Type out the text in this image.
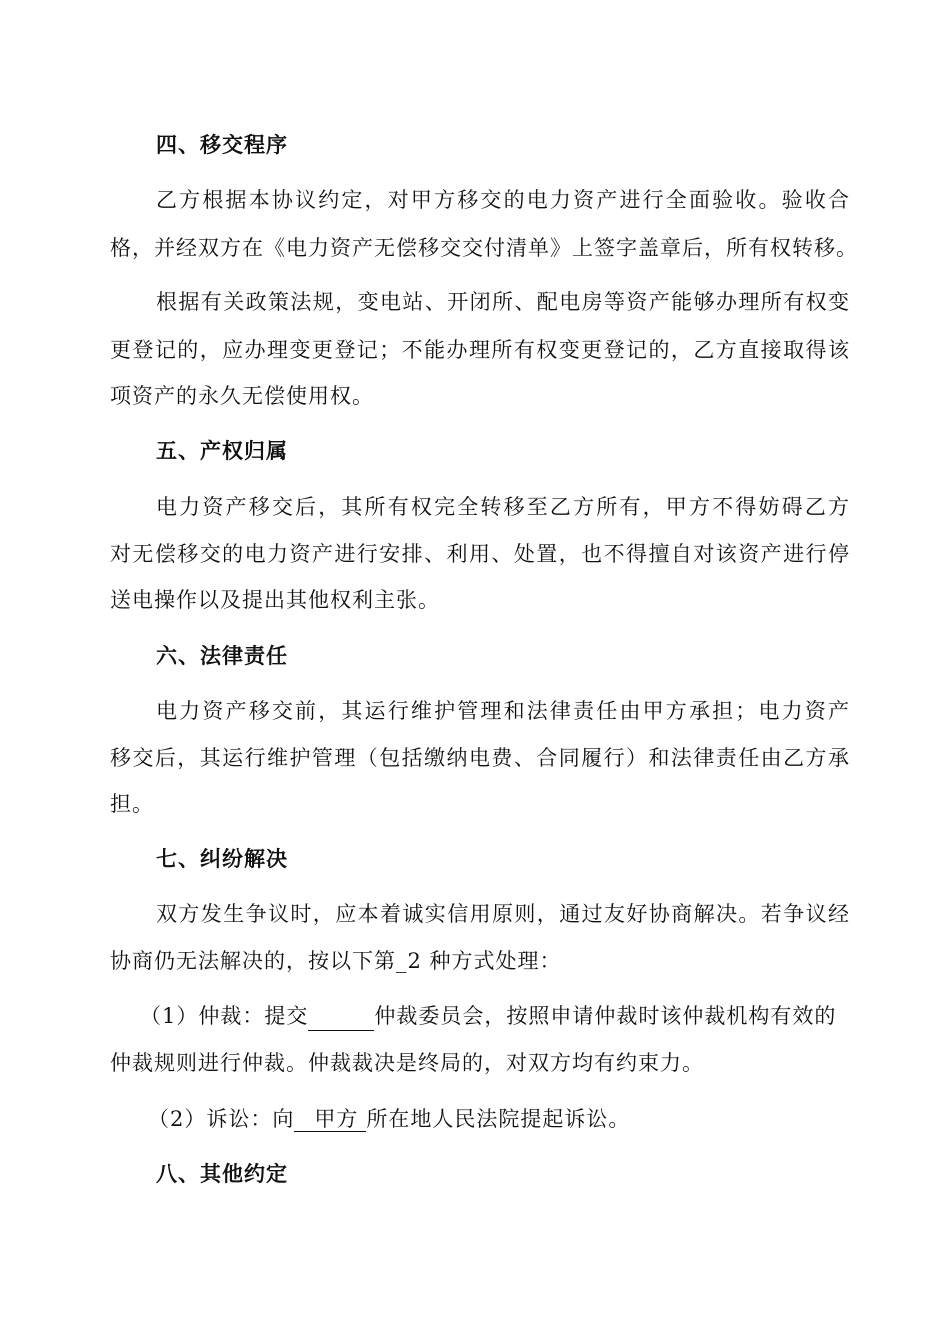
四、移交程序
乙方根据本协议约定，对甲方移交的电力资产进行全面验收。验收合
格，并经双方在《电力资产无偿移交交付清单》上签字盖章后，所有权转移。
根据有关政策法规，变电站、开闭所、配电房等资产能够办理所有权变
更登记的，应办理变更登记；不能办理所有权变更登记的，乙方直接取得该
项资产的永久无偿使用权。
五、产权归属
电力资产移交后，其所有权完全转移至乙方所有，甲方不得妨碍乙方
对无偿移交的电力资产进行安排、利用、处置，也不得擅自对该资产进行停
送电操作以及提出其他权利主张。
六、法律责任
电力资产移交前，其运行维护管理和法律责任由甲方承担；电力资产
移交后，其运行维护管理（包括缴纳电费、合同履行）和法律责任由乙方承
担。
七、纠纷解决
双方发生争议时，应本着诚实信用原则，通过友好协商解决。若争议经
协商仍无法解决的，按以下第_2 种方式处理：
（1）仲裁：提交	仲裁委员会，按照申请仲裁时该仲裁机构有效的
仲裁规则进行仲裁。仲裁裁决是终局的，对双方均有约束力。
（2）诉讼：向 甲方 所在地人民法院提起诉讼。
八、其他约定
